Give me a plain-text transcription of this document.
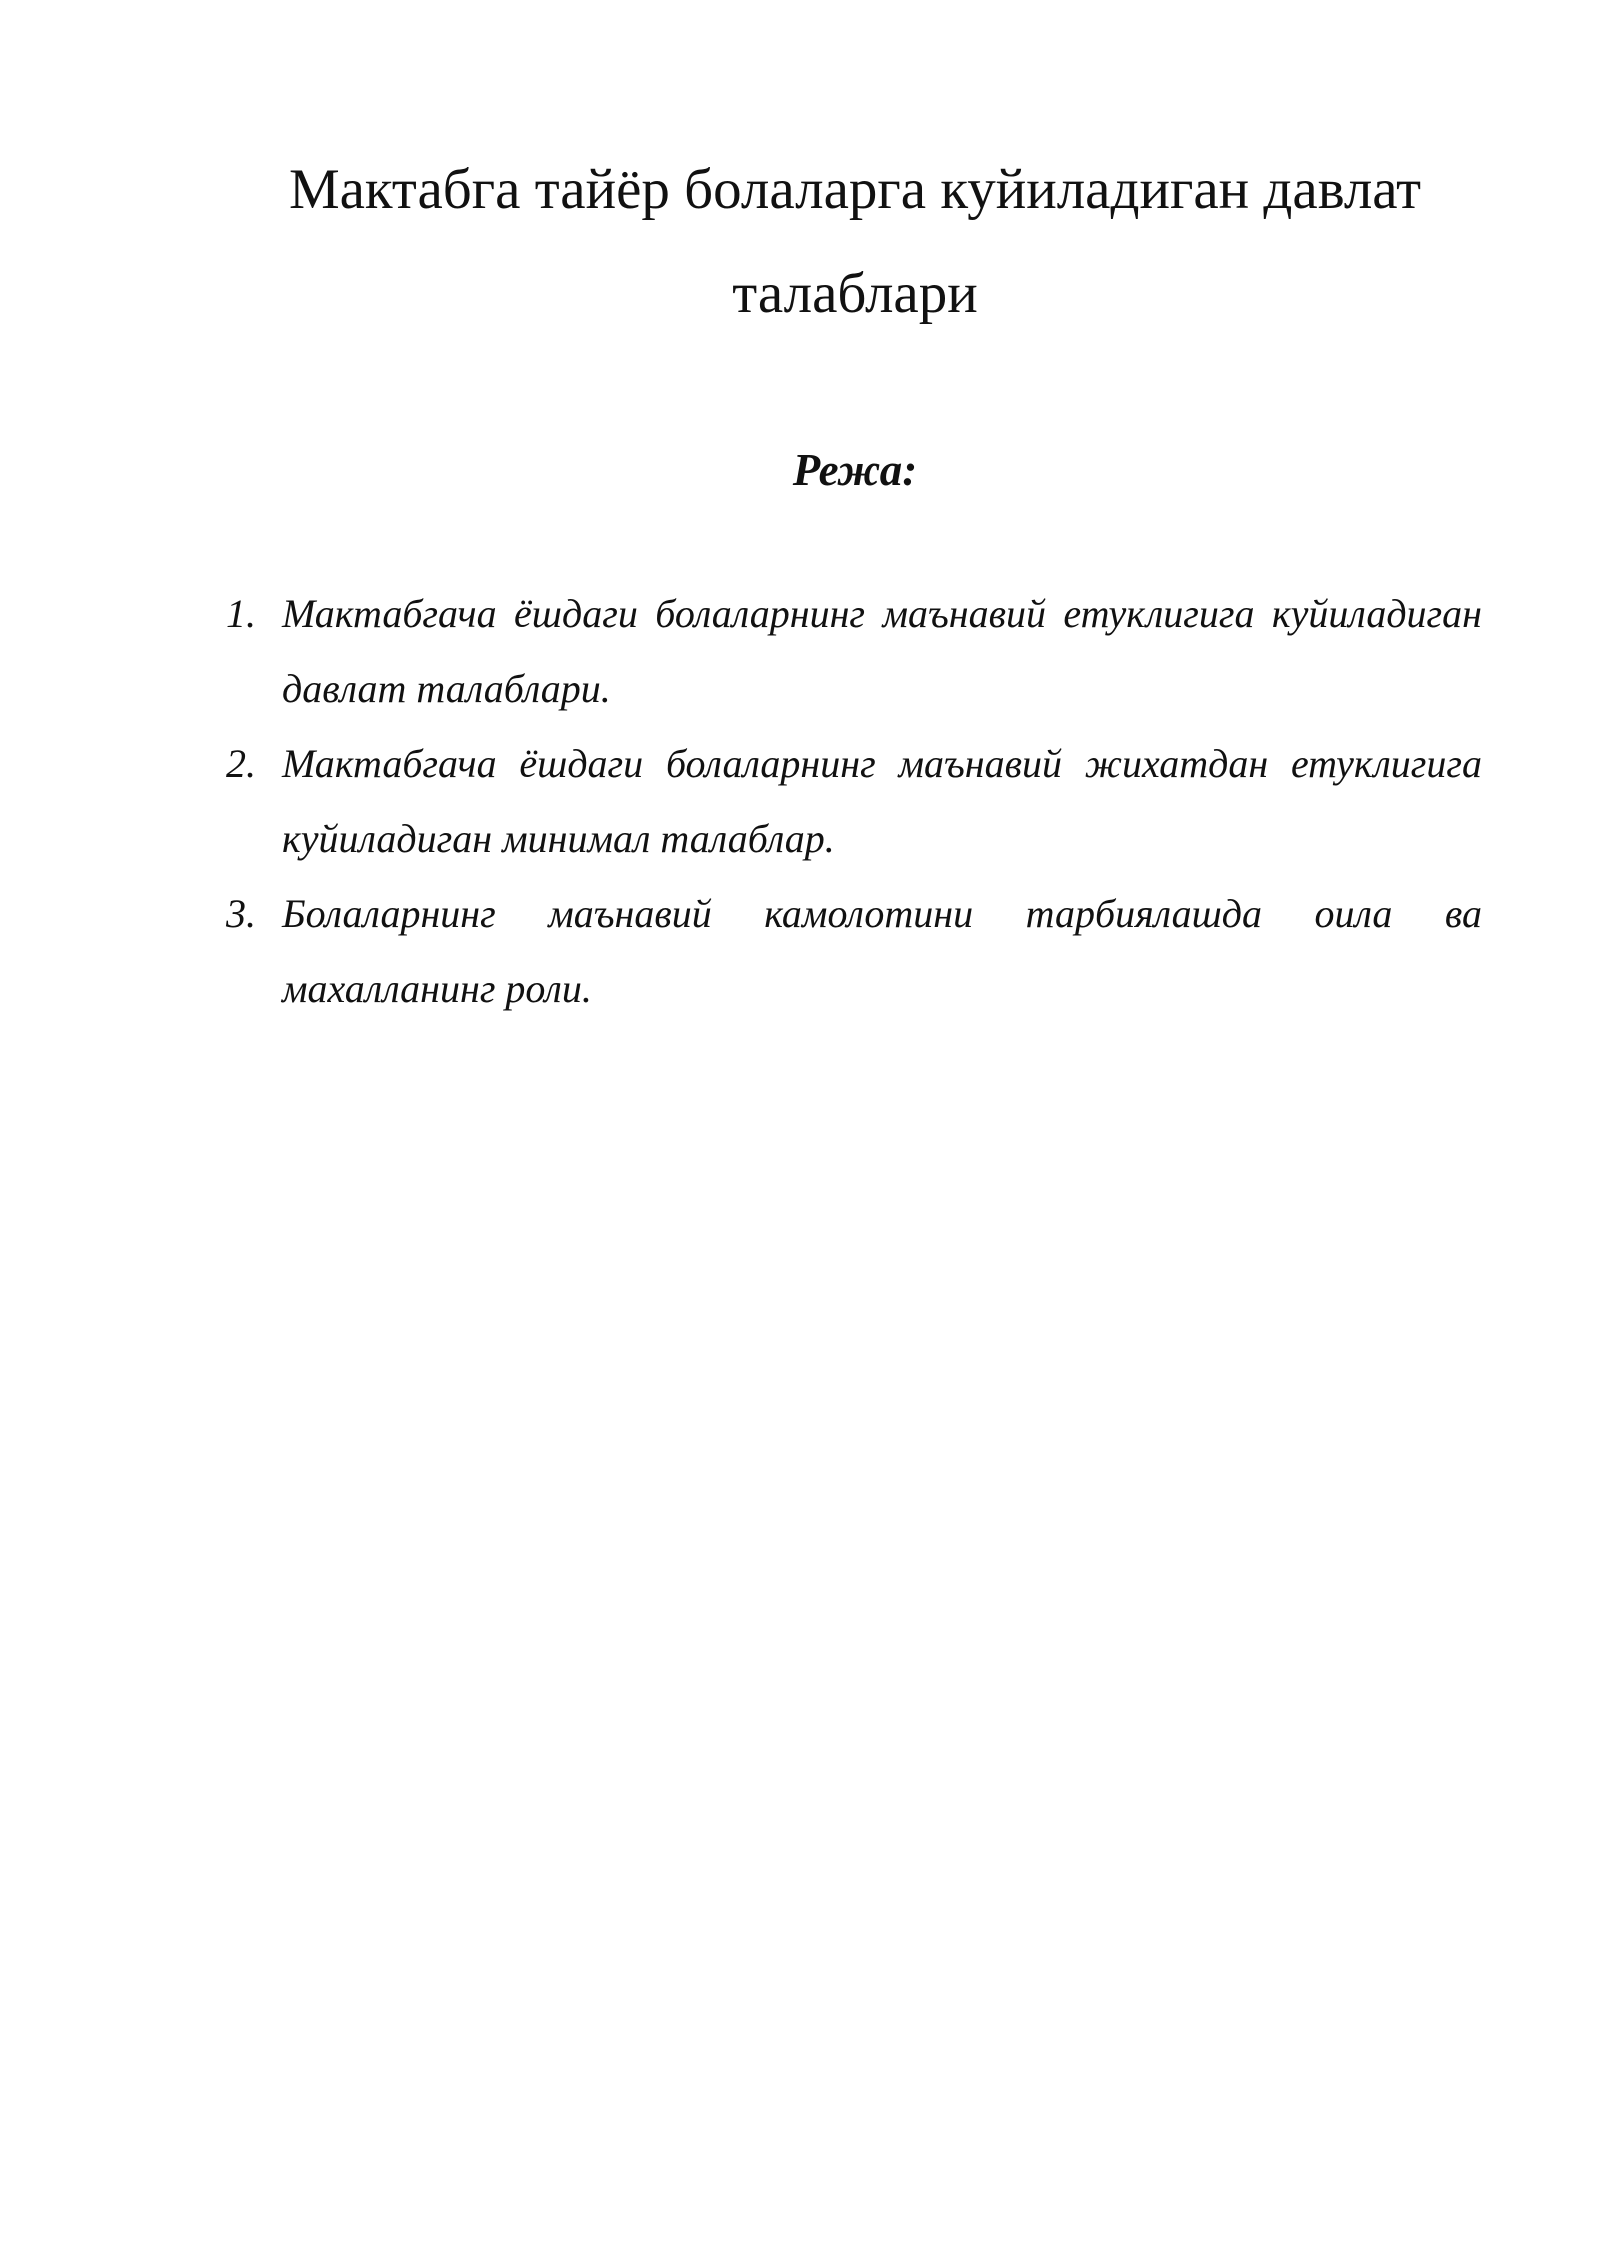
Мактабга тайёр болаларга куйиладиган давлат талаблари
Режа:
1. Мактабгача ёшдаги болаларнинг маънавий етуклигига куйиладиган давлат талаблари.
2. Мактабгача ёшдаги болаларнинг маънавий жихатдан етуклигига куйиладиган минимал талаблар.
3. Болаларнинг маънавий камолотини тарбиялашда оила ва махалланинг роли.
